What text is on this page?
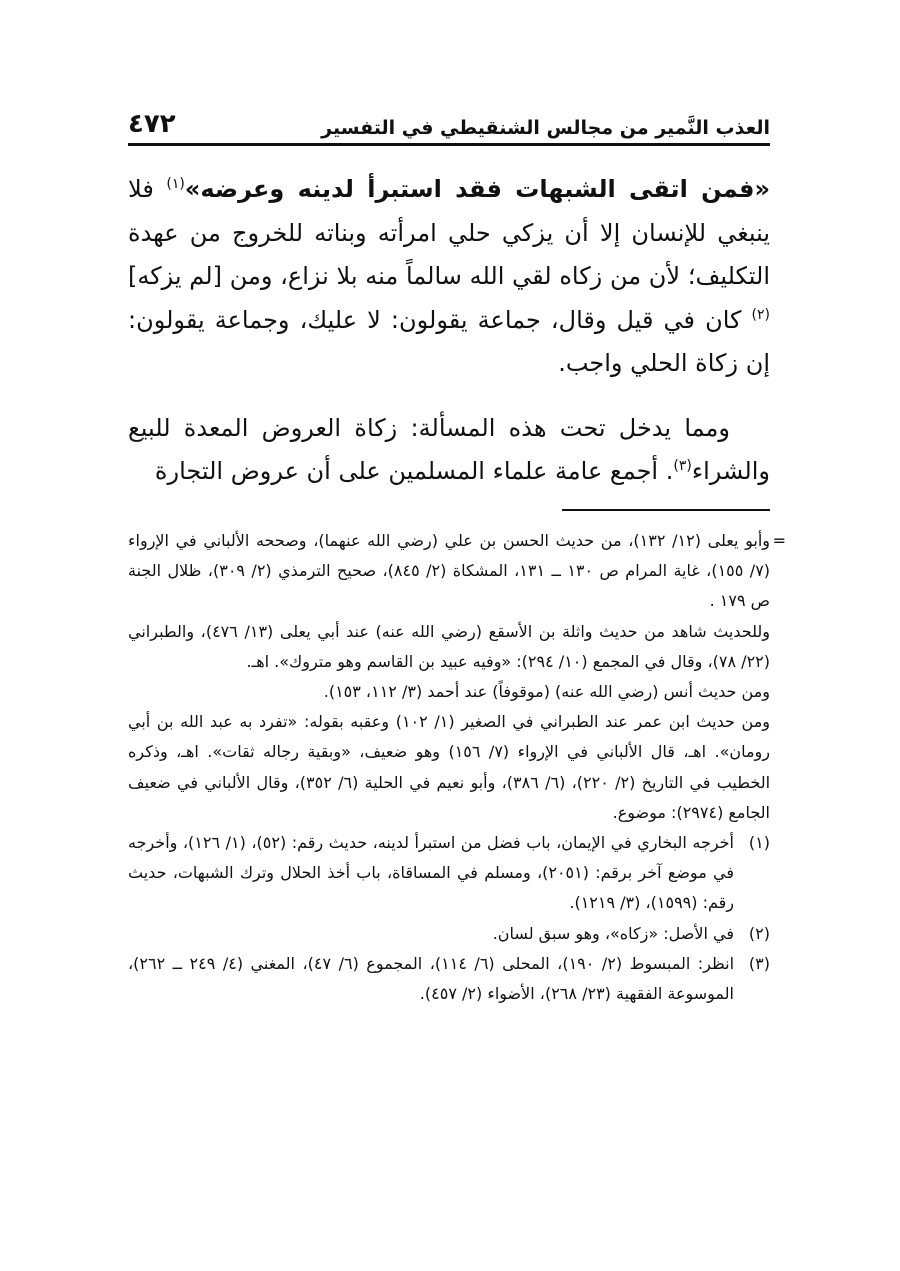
العذب النَّمير من مجالس الشنقيطي في التفسير
٤٧٢

«فمن اتقى الشبهات فقد استبرأ لدينه وعرضه»$^{(١)}$ فلا ينبغي للإنسان إلا أن يزكي حلي امرأته وبناته للخروج من عهدة التكليف؛ لأن من زكاه لقي الله سالماً منه بلا نزاع، ومن [لم يزكه]$^{(٢)}$ كان في قيل وقال، جماعة يقولون: لا عليك، وجماعة يقولون: إن زكاة الحلي واجب.

ومما يدخل تحت هذه المسألة: زكاة العروض المعدة للبيع والشراء$^{(٣)}$. أجمع عامة علماء المسلمين على أن عروض التجارة

=

وأبو يعلى (١٢/ ١٣٢)، من حديث الحسن بن علي (رضي الله عنهما)، وصححه الألباني في الإرواء (٧/ ١٥٥)، غاية المرام ص ١٣٠ ــ ١٣١، المشكاة (٢/ ٨٤٥)، صحيح الترمذي (٢/ ٣٠٩)، ظلال الجنة ص ١٧٩ .

وللحديث شاهد من حديث واثلة بن الأسقع (رضي الله عنه) عند أبي يعلى (١٣/ ٤٧٦)، والطبراني (٢٢/ ٧٨)، وقال في المجمع (١٠/ ٢٩٤): «وفيه عبيد بن القاسم وهو متروك». اهـ.

ومن حديث أنس (رضي الله عنه) (موقوفاً) عند أحمد (٣/ ١١٢، ١٥٣).

ومن حديث ابن عمر عند الطبراني في الصغير (١/ ١٠٢) وعقبه بقوله: «تفرد به عبد الله بن أبي رومان». اهـ، قال الألباني في الإرواء (٧/ ١٥٦) وهو ضعيف، «وبقية رجاله ثقات». اهـ، وذكره الخطيب في التاريخ (٢/ ٢٢٠)، (٦/ ٣٨٦)، وأبو نعيم في الحلية (٦/ ٣٥٢)، وقال الألباني في ضعيف الجامع (٢٩٧٤): موضوع.

(١)
أخرجه البخاري في الإيمان، باب فضل من استبرأ لدينه، حديث رقم: (٥٢)، (١/ ١٢٦)، وأخرجه في موضع آخر برقم: (٢٠٥١)، ومسلم في المساقاة، باب أخذ الحلال وترك الشبهات، حديث رقم: (١٥٩٩)، (٣/ ١٢١٩).

(٢)
في الأصل: «زكاه»، وهو سبق لسان.

(٣)
انظر: المبسوط (٢/ ١٩٠)، المحلى (٦/ ١١٤)، المجموع (٦/ ٤٧)، المغني (٤/ ٢٤٩ ــ ٢٦٢)، الموسوعة الفقهية (٢٣/ ٢٦٨)، الأضواء (٢/ ٤٥٧).
